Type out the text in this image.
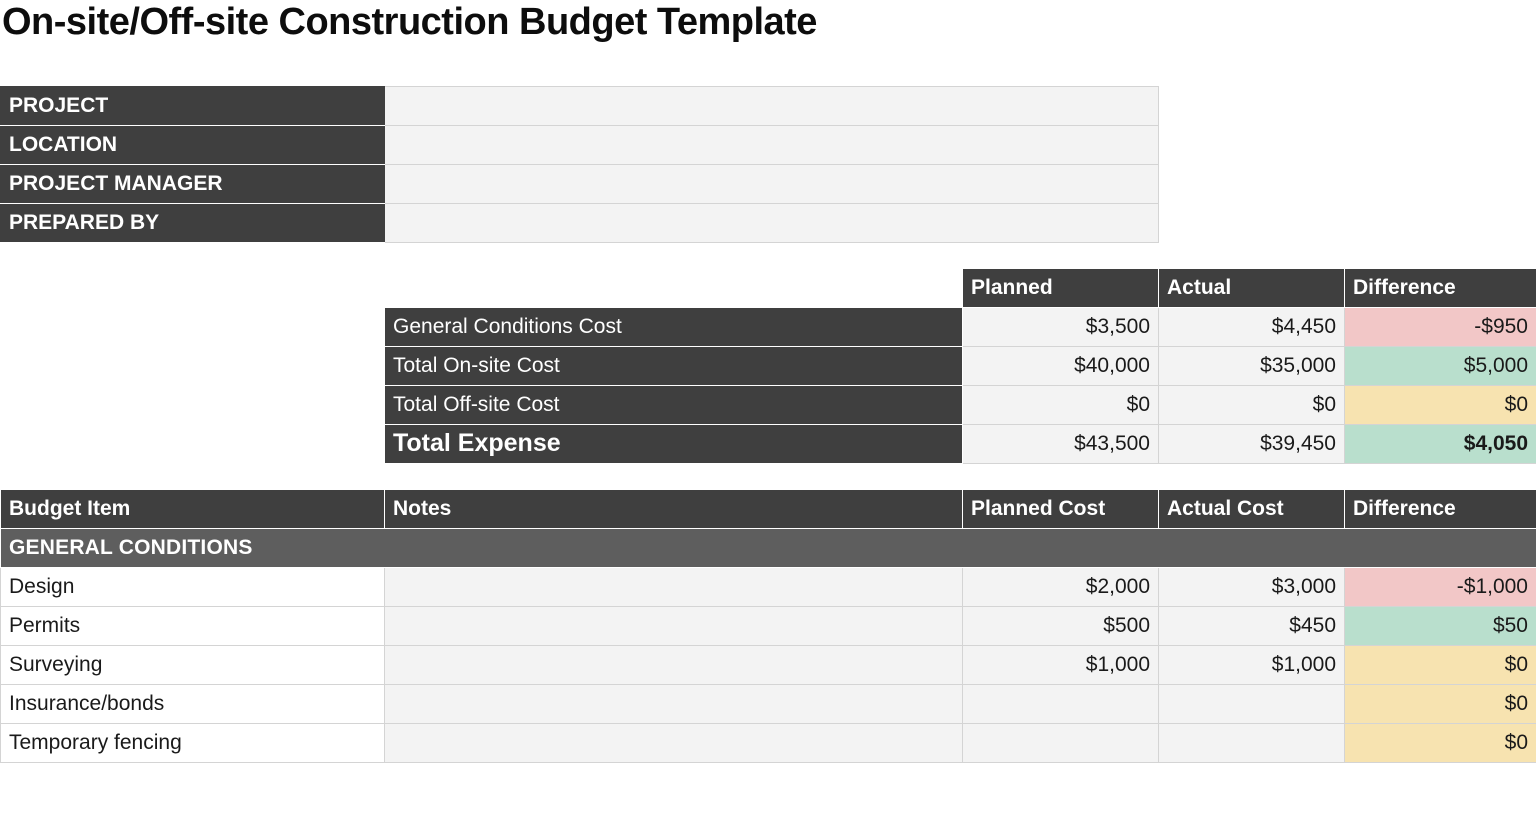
On-site/Off-site Construction Budget Template
PROJECT				
LOCATION				
PROJECT MANAGER				
PREPARED BY				

		Planned	Actual	Difference
	General Conditions Cost	$3,500	$4,450	-$950
	Total On-site Cost	$40,000	$35,000	$5,000
	Total Off-site Cost	$0	$0	$0
	Total Expense	$43,500	$39,450	$4,050

Budget Item	Notes	Planned Cost	Actual Cost	Difference
GENERAL CONDITIONS				
Design		$2,000	$3,000	-$1,000
Permits		$500	$450	$50
Surveying		$1,000	$1,000	$0
Insurance/bonds				$0
Temporary fencing				$0
